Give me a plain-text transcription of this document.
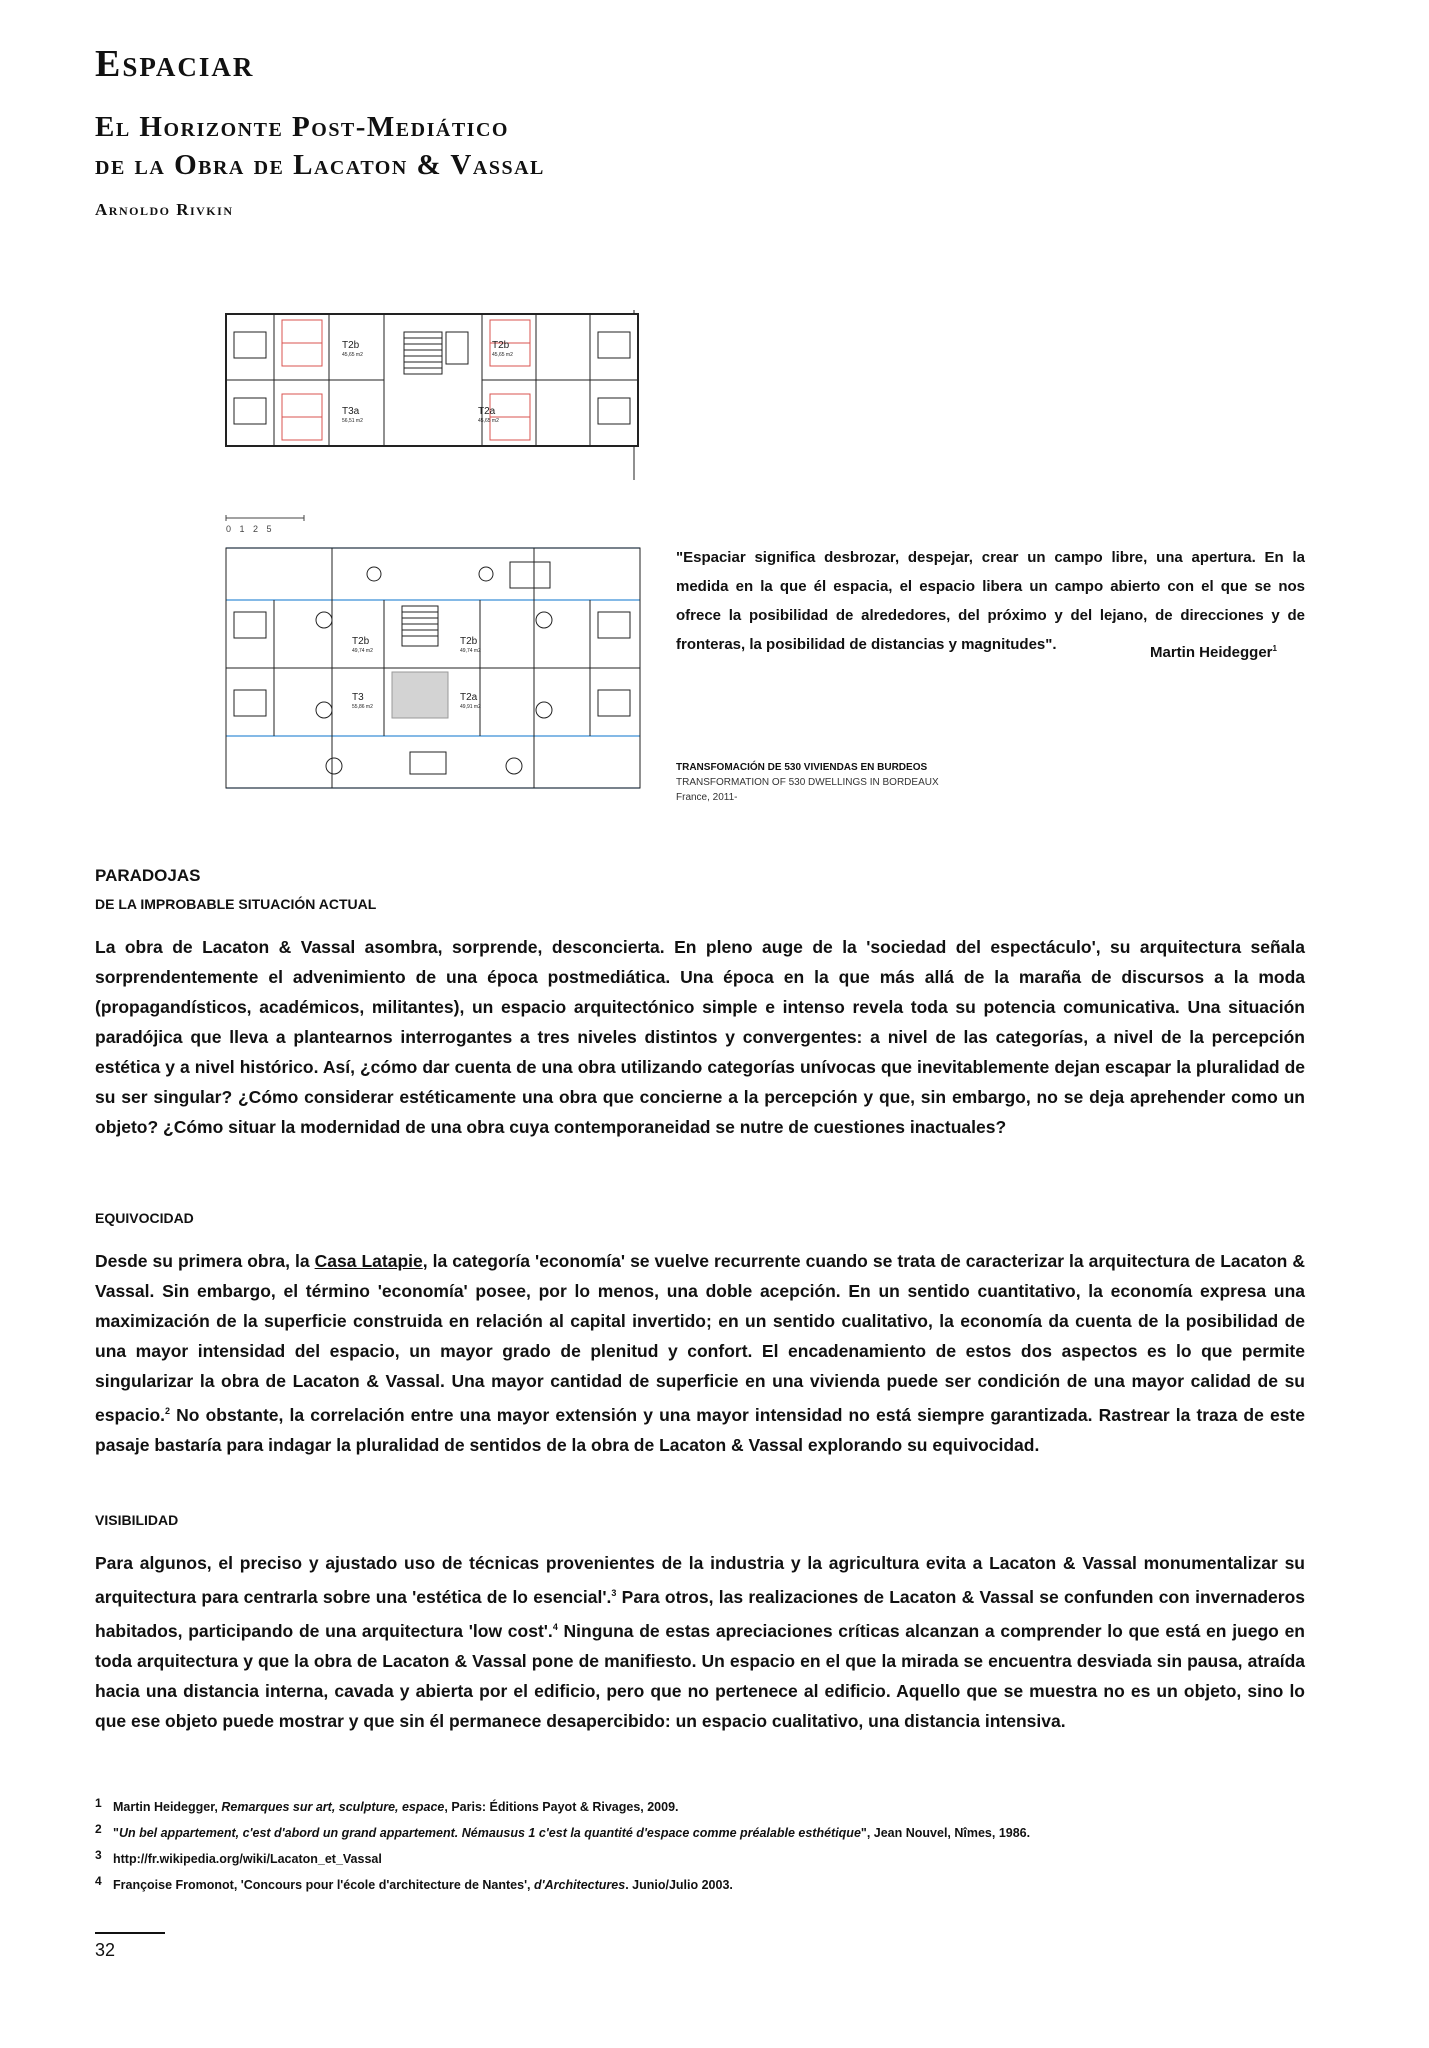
Espaciar
El Horizonte Post-Mediático
de la Obra de Lacaton & Vassal
Arnoldo Rivkin
T2b
45,65 m2
T2b
45,65 m2
T3a
56,51 m2
T2a
45,65 m2
0 1 2 5
T2b
49,74 m2
T2b
49,74 m2
T3
55,86 m2
T2a
49,91 m2
"Espaciar significa desbrozar, despejar, crear un campo libre, una apertura. En la medida en la que él espacia, el espacio libera un campo abierto con el que se nos ofrece la posibilidad de alrededores, del próximo y del lejano, de direcciones y de fronteras, la posibilidad de distancias y magnitudes".	Martin Heidegger$^1$
TRANSFOMACIÓN DE 530 VIVIENDAS EN BURDEOS
TRANSFORMATION OF 530 DWELLINGS IN BORDEAUX
France, 2011-
PARADOJAS
DE LA IMPROBABLE SITUACIÓN ACTUAL
La obra de Lacaton & Vassal asombra, sorprende, desconcierta. En pleno auge de la 'sociedad del espectáculo', su arquitectura señala sorprendentemente el advenimiento de una época postmediática. Una época en la que más allá de la maraña de discursos a la moda (propagandísticos, académicos, militantes), un espacio arquitectónico simple e intenso revela toda su potencia comunicativa. Una situación paradójica que lleva a plantearnos interrogantes a tres niveles distintos y convergentes: a nivel de las categorías, a nivel de la percepción estética y a nivel histórico. Así, ¿cómo dar cuenta de una obra utilizando categorías unívocas que inevitablemente dejan escapar la pluralidad de su ser singular? ¿Cómo considerar estéticamente una obra que concierne a la percepción y que, sin embargo, no se deja aprehender como un objeto? ¿Cómo situar la modernidad de una obra cuya contemporaneidad se nutre de cuestiones inactuales?
EQUIVOCIDAD
Desde su primera obra, la Casa Latapie, la categoría 'economía' se vuelve recurrente cuando se trata de caracterizar la arquitectura de Lacaton & Vassal. Sin embargo, el término 'economía' posee, por lo menos, una doble acepción. En un sentido cuantitativo, la economía expresa una maximización de la superficie construida en relación al capital invertido; en un sentido cualitativo, la economía da cuenta de la posibilidad de una mayor intensidad del espacio, un mayor grado de plenitud y confort. El encadenamiento de estos dos aspectos es lo que permite singularizar la obra de Lacaton & Vassal. Una mayor cantidad de superficie en una vivienda puede ser condición de una mayor calidad de su espacio.$^2$ No obstante, la correlación entre una mayor extensión y una mayor intensidad no está siempre garantizada. Rastrear la traza de este pasaje bastaría para indagar la pluralidad de sentidos de la obra de Lacaton & Vassal explorando su equivocidad.
VISIBILIDAD
Para algunos, el preciso y ajustado uso de técnicas provenientes de la industria y la agricultura evita a Lacaton & Vassal monumentalizar su arquitectura para centrarla sobre una 'estética de lo esencial'.$^3$ Para otros, las realizaciones de Lacaton & Vassal se confunden con invernaderos habitados, participando de una arquitectura 'low cost'.$^4$ Ninguna de estas apreciaciones críticas alcanzan a comprender lo que está en juego en toda arquitectura y que la obra de Lacaton & Vassal pone de manifiesto. Un espacio en el que la mirada se encuentra desviada sin pausa, atraída hacia una distancia interna, cavada y abierta por el edificio, pero que no pertenece al edificio. Aquello que se muestra no es un objeto, sino lo que ese objeto puede mostrar y que sin él permanece desapercibido: un espacio cualitativo, una distancia intensiva.
1 Martin Heidegger, Remarques sur art, sculpture, espace, Paris: Éditions Payot & Rivages, 2009.
2 "Un bel appartement, c'est d'abord un grand appartement. Némausus 1 c'est la quantité d'espace comme préalable esthétique", Jean Nouvel, Nîmes, 1986.
3 http://fr.wikipedia.org/wiki/Lacaton_et_Vassal
4 Françoise Fromonot, 'Concours pour l'école d'architecture de Nantes', d'Architectures. Junio/Julio 2003.
32
